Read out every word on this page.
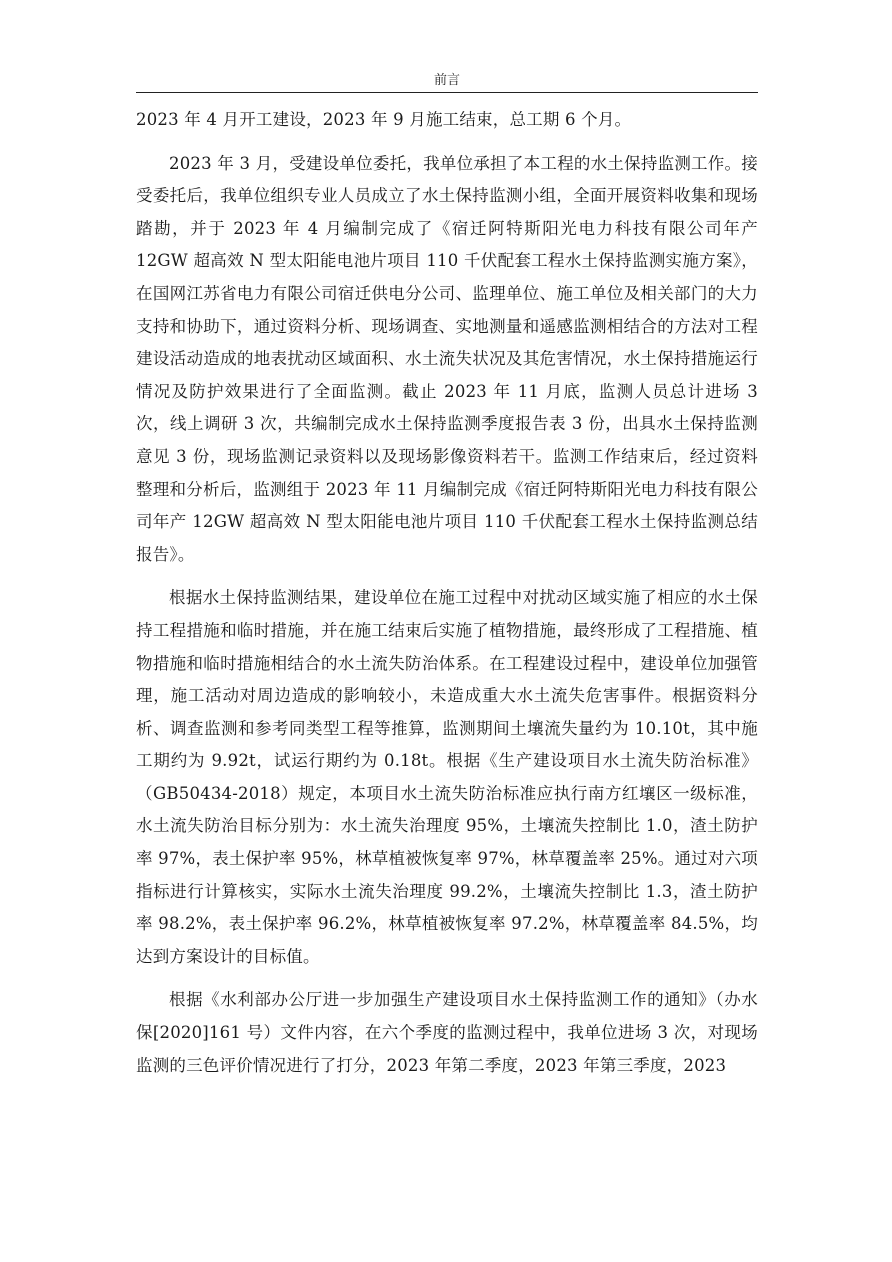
前言

2023 年 4 月开工建设，2023 年 9 月施工结束，总工期 6 个月。

2023 年 3 月，受建设单位委托，我单位承担了本工程的水土保持监测工作。接受委托后，我单位组织专业人员成立了水土保持监测小组，全面开展资料收集和现场踏勘，并于 2023 年 4 月编制完成了《宿迁阿特斯阳光电力科技有限公司年产 12GW 超高效 N 型太阳能电池片项目 110 千伏配套工程水土保持监测实施方案》，在国网江苏省电力有限公司宿迁供电分公司、监理单位、施工单位及相关部门的大力支持和协助下，通过资料分析、现场调查、实地测量和遥感监测相结合的方法对工程建设活动造成的地表扰动区域面积、水土流失状况及其危害情况，水土保持措施运行情况及防护效果进行了全面监测。截止 2023 年 11 月底，监测人员总计进场 3 次，线上调研 3 次，共编制完成水土保持监测季度报告表 3 份，出具水土保持监测意见 3 份，现场监测记录资料以及现场影像资料若干。监测工作结束后，经过资料整理和分析后，监测组于 2023 年 11 月编制完成《宿迁阿特斯阳光电力科技有限公司年产 12GW 超高效 N 型太阳能电池片项目 110 千伏配套工程水土保持监测总结报告》。

根据水土保持监测结果，建设单位在施工过程中对扰动区域实施了相应的水土保持工程措施和临时措施，并在施工结束后实施了植物措施，最终形成了工程措施、植物措施和临时措施相结合的水土流失防治体系。在工程建设过程中，建设单位加强管理，施工活动对周边造成的影响较小，未造成重大水土流失危害事件。根据资料分析、调查监测和参考同类型工程等推算，监测期间土壤流失量约为 10.10t，其中施工期约为 9.92t，试运行期约为 0.18t。根据《生产建设项目水土流失防治标准》（GB50434-2018）规定，本项目水土流失防治标准应执行南方红壤区一级标准，水土流失防治目标分别为：水土流失治理度 95%，土壤流失控制比 1.0，渣土防护率 97%，表土保护率 95%，林草植被恢复率 97%，林草覆盖率 25%。通过对六项指标进行计算核实，实际水土流失治理度 99.2%，土壤流失控制比 1.3，渣土防护率 98.2%，表土保护率 96.2%，林草植被恢复率 97.2%，林草覆盖率 84.5%，均达到方案设计的目标值。

根据《水利部办公厅进一步加强生产建设项目水土保持监测工作的通知》（办水保[2020]161 号）文件内容，在六个季度的监测过程中，我单位进场 3 次，对现场监测的三色评价情况进行了打分，2023 年第二季度，2023 年第三季度，2023
